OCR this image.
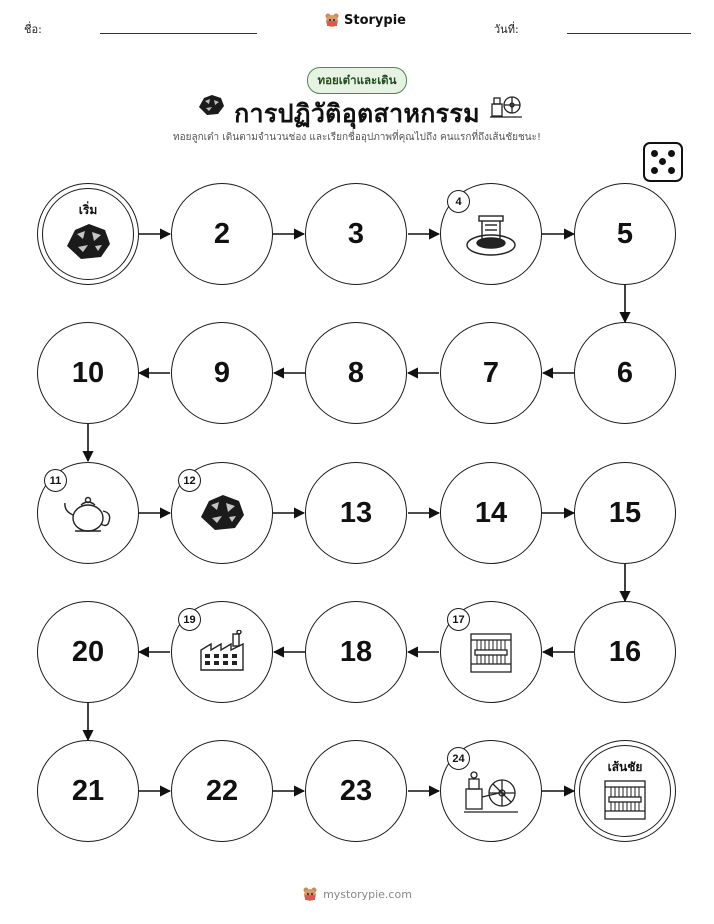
ชื่อ:
Storypie
วันที่:
ทอยเต๋าและเดิน
การปฏิวัติอุตสาหกรรม
ทอยลูกเต๋า เดินตามจำนวนช่อง และเรียกชื่ออุปภาพที่คุณไปถึง คนแรกที่ถึงเส้นชัยชนะ!
เริ่ม
2	3
4
5
6
7
8
9
10
11	12
13	14	15
16
17
18
19
20
21	22	23
24
เส้นชัย
mystorypie.com
